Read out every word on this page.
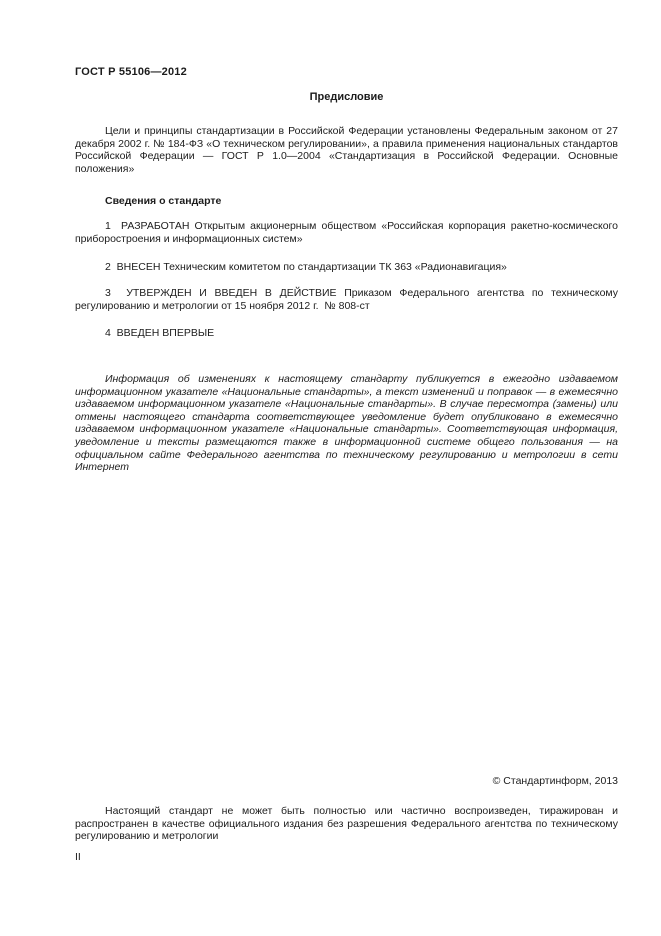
ГОСТ Р 55106—2012
Предисловие

Цели и принципы стандартизации в Российской Федерации установлены Федеральным законом от 27 декабря 2002 г. № 184-ФЗ «О техническом регулировании», а правила применения национальных стандартов Российской Федерации — ГОСТ Р 1.0—2004 «Стандартизация в Российской Федерации. Основные положения»

Сведения о стандарте

1  РАЗРАБОТАН Открытым акционерным обществом «Российская корпорация ракетно-космического приборостроения и информационных систем»

2  ВНЕСЕН Техническим комитетом по стандартизации ТК 363 «Радионавигация»

3  УТВЕРЖДЕН И ВВЕДЕН В ДЕЙСТВИЕ Приказом Федерального агентства по техническому регулированию и метрологии от 15 ноября 2012 г.  № 808-ст

4  ВВЕДЕН ВПЕРВЫЕ

Информация об изменениях к настоящему стандарту публикуется в ежегодно издаваемом информационном указателе «Национальные стандарты», а текст изменений и поправок — в ежемесячно издаваемом информационном указателе «Национальные стандарты». В случае пересмотра (замены) или отмены настоящего стандарта соответствующее уведомление будет опубликовано в ежемесячно издаваемом информационном указателе «Национальные стандарты». Соответствующая информация, уведомление и тексты размещаются также в информационной системе общего пользования — на официальном сайте Федерального агентства по техническому регулированию и метрологии в сети Интернет

© Стандартинформ, 2013

Настоящий стандарт не может быть полностью или частично воспроизведен, тиражирован и распространен в качестве официального издания без разрешения Федерального агентства по техническому регулированию и метрологии

II
